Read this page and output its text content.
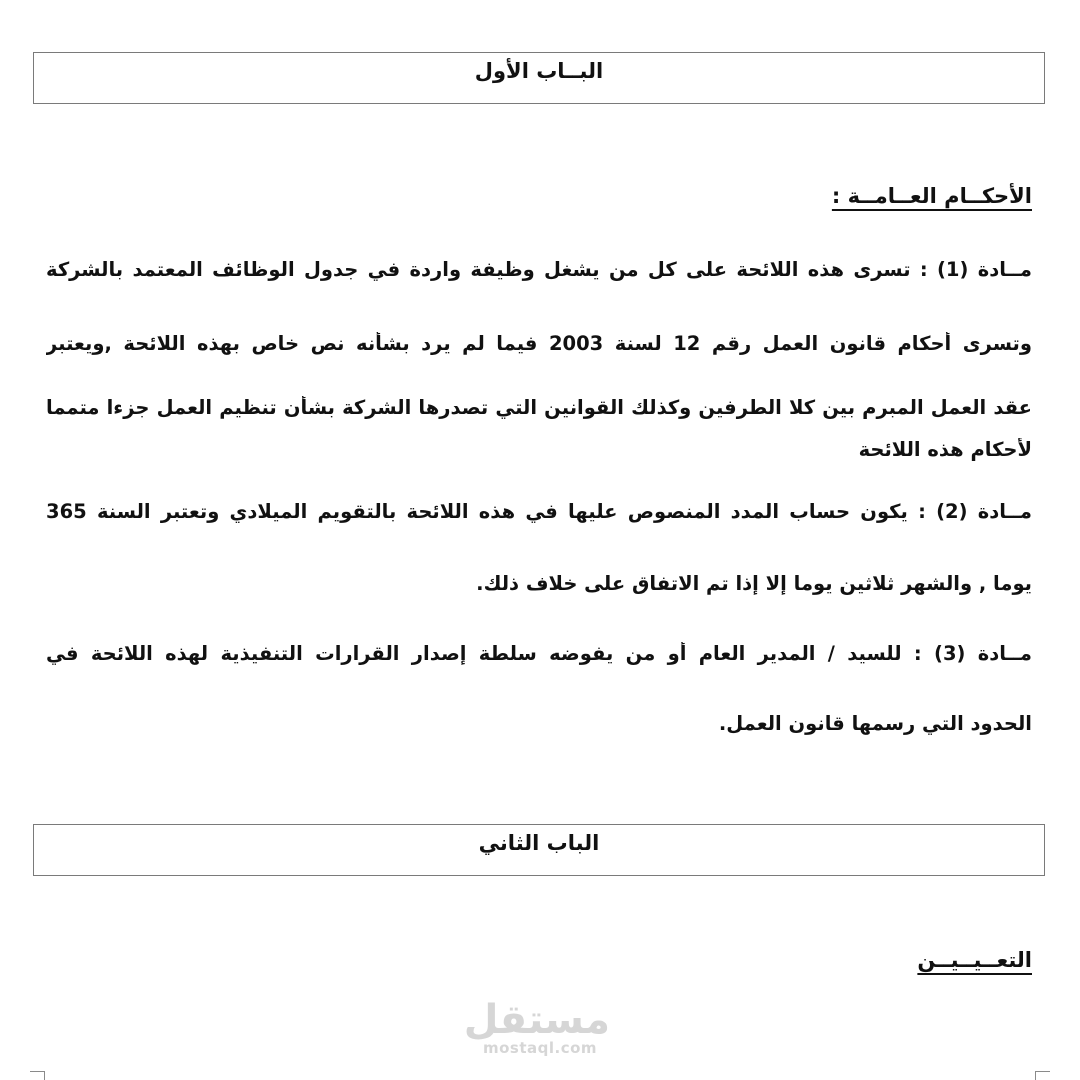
البــاب الأول
الأحكــام العــامــة :
مــادة (1) : تسرى هذه اللائحة على كل من يشغل وظيفة واردة في جدول الوظائف المعتمد بالشركة
وتسرى أحكام قانون العمل رقم 12 لسنة 2003 فيما لم يرد بشأنه نص خاص بهذه اللائحة ,ويعتبر
عقد العمل المبرم بين كلا الطرفين وكذلك القوانين التي تصدرها الشركة بشأن تنظيم العمل جزءا متمما
لأحكام هذه اللائحة
مــادة (2) : يكون حساب المدد المنصوص عليها في هذه اللائحة بالتقويم الميلادي وتعتبر السنة 365
يوما , والشهر ثلاثين يوما إلا إذا تم الاتفاق على خلاف ذلك.
مــادة (3) : للسيد / المدير العام أو من يفوضه سلطة إصدار القرارات التنفيذية لهذه اللائحة في
الحدود التي رسمها قانون العمل.
الباب الثاني
التعــيــيــن
مستقل
mostaql.com
